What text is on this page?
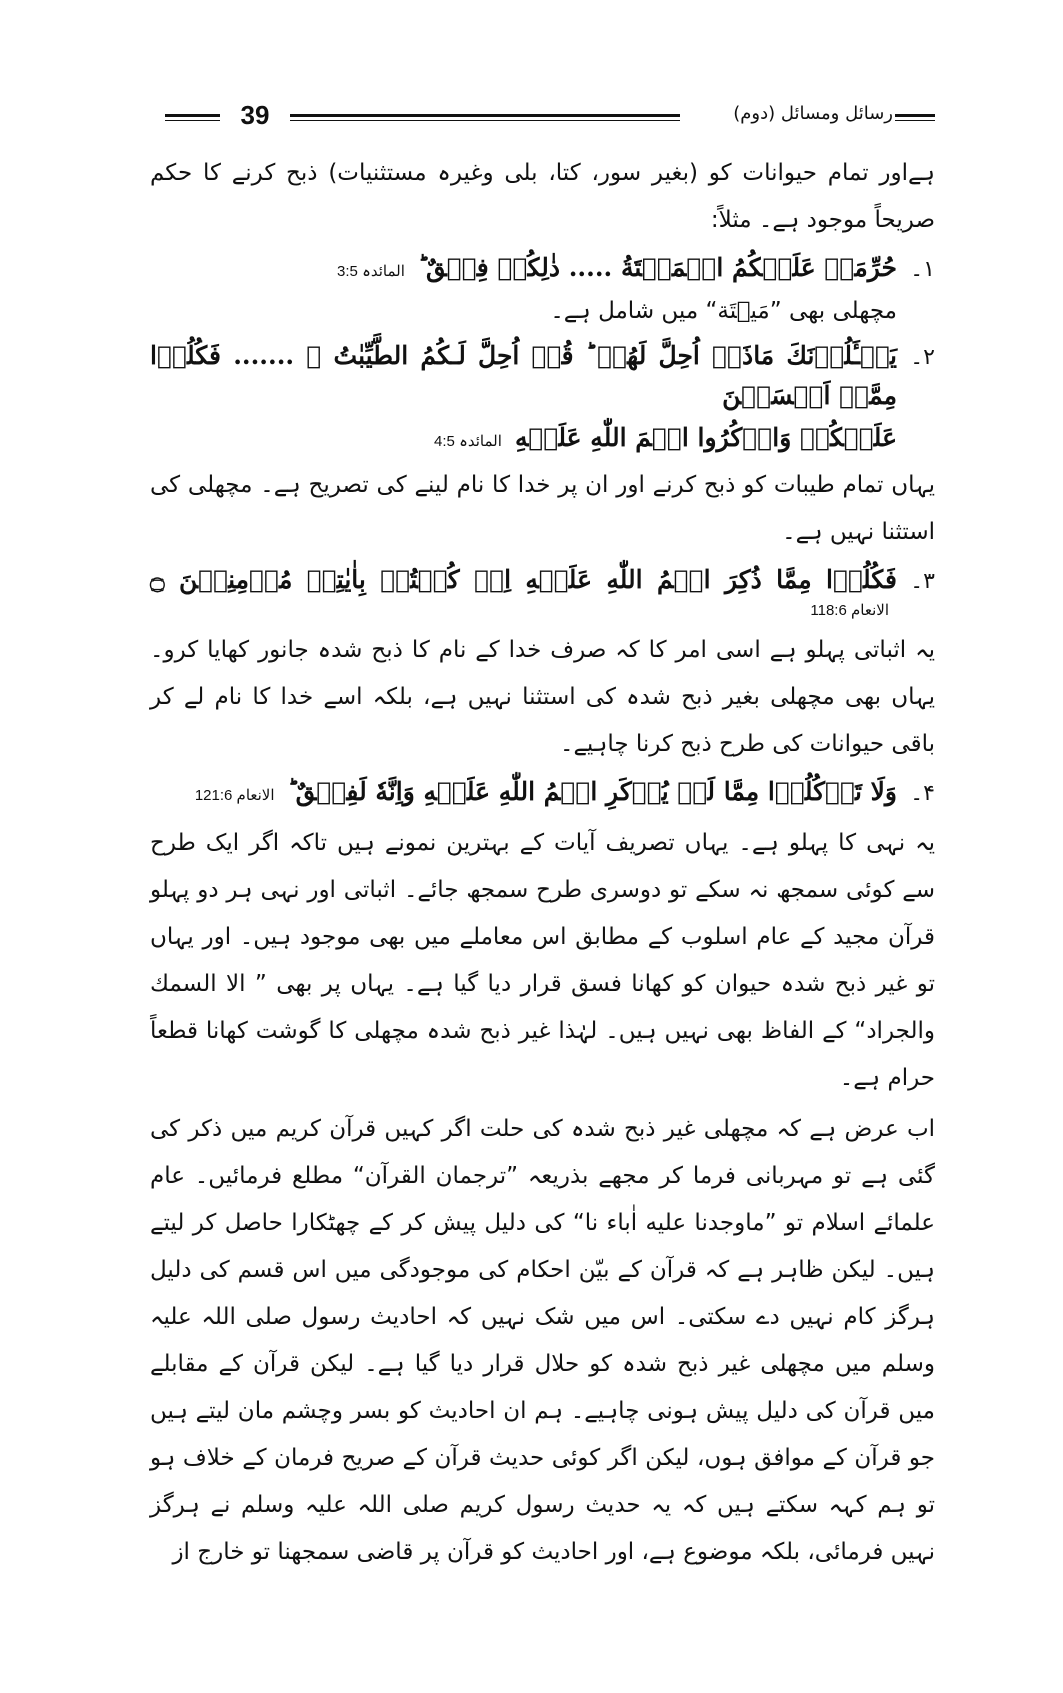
39	رسائل ومسائل (دوم)

ہےاور تمام حیوانات کو (بغیر سور، کتا، بلی وغیرہ مستثنیات) ذبح کرنے کا حکم صریحاً موجود ہے۔ مثلاً:

۱۔
حُرِّمَتۡ عَلَيۡكُمُ الۡمَيۡتَةُ ..... ذٰلِكُمۡ فِسۡقٌ ؕ المائدہ 3:5

مچھلی بھی ”مَيۡتَة“ میں شامل ہے۔

۲۔
يَسۡـَٔلُوۡنَكَ مَاذَاۤ اُحِلَّ لَهُمۡ ؕ قُلۡ اُحِلَّ لَـكُمُ الطَّيِّبٰتُ ۙ ....... فَكُلُوۡا مِمَّاۤ اَمۡسَكۡنَ
عَلَيۡكُمۡ وَاذۡكُرُوا اسۡمَ اللّٰهِ عَلَيۡهِ المائدہ 4:5

یہاں تمام طیبات کو ذبح کرنے اور ان پر خدا کا نام لینے کی تصریح ہے۔ مچھلی کی استثنا نہیں ہے۔

۳۔
فَكُلُوۡا مِمَّا ذُكِرَ اسۡمُ اللّٰهِ عَلَيۡهِ اِنۡ كُنۡتُمۡ بِاٰيٰتِهٖ مُؤۡمِنِيۡنَ ۝ الانعام 118:6

یہ اثباتی پہلو ہے اسی امر کا کہ صرف خدا کے نام کا ذبح شدہ جانور کھایا کرو۔ یہاں بھی مچھلی بغیر ذبح شدہ کی استثنا نہیں ہے، بلکہ اسے خدا کا نام لے کر باقی حیوانات کی طرح ذبح کرنا چاہیے۔

۴۔
وَلَا تَاۡكُلُوۡا مِمَّا لَمۡ يُذۡكَرِ اسۡمُ اللّٰهِ عَلَيۡهِ وَاِنَّهٗ لَفِسۡقٌ ؕ الانعام 121:6

یہ نہی کا پہلو ہے۔ یہاں تصریف آیات کے بہترین نمونے ہیں تاکہ اگر ایک طرح سے کوئی سمجھ نہ سکے تو دوسری طرح سمجھ جائے۔ اثباتی اور نہی ہر دو پہلو قرآن مجید کے عام اسلوب کے مطابق اس معاملے میں بھی موجود ہیں۔ اور یہاں تو غیر ذبح شدہ حیوان کو کھانا فسق قرار دیا گیا ہے۔ یہاں پر بھی ” الا السمك والجراد“ کے الفاظ بھی نہیں ہیں۔ لہٰذا غیر ذبح شدہ مچھلی کا گوشت کھانا قطعاً حرام ہے۔

اب عرض ہے کہ مچھلی غیر ذبح شدہ کی حلت اگر کہیں قرآن کریم میں ذکر کی گئی ہے تو مہربانی فرما کر مجھے بذریعہ ”ترجمان القرآن“ مطلع فرمائیں۔ عام علمائے اسلام تو ”ماوجدنا علیه اٰباء نا“ کی دلیل پیش کر کے چھٹکارا حاصل کر لیتے ہیں۔ لیکن ظاہر ہے کہ قرآن کے بیّن احکام کی موجودگی میں اس قسم کی دلیل ہرگز کام نہیں دے سکتی۔ اس میں شک نہیں کہ احادیث رسول صلی اللہ علیہ وسلم میں مچھلی غیر ذبح شدہ کو حلال قرار دیا گیا ہے۔ لیکن قرآن کے مقابلے میں قرآن کی دلیل پیش ہونی چاہیے۔ ہم ان احادیث کو بسر وچشم مان لیتے ہیں جو قرآن کے موافق ہوں، لیکن اگر کوئی حدیث قرآن کے صریح فرمان کے خلاف ہو تو ہم کہہ سکتے ہیں کہ یہ حدیث رسول کریم صلی اللہ علیہ وسلم نے ہرگز نہیں فرمائی، بلکہ موضوع ہے، اور احادیث کو قرآن پر قاضی سمجھنا تو خارج از
